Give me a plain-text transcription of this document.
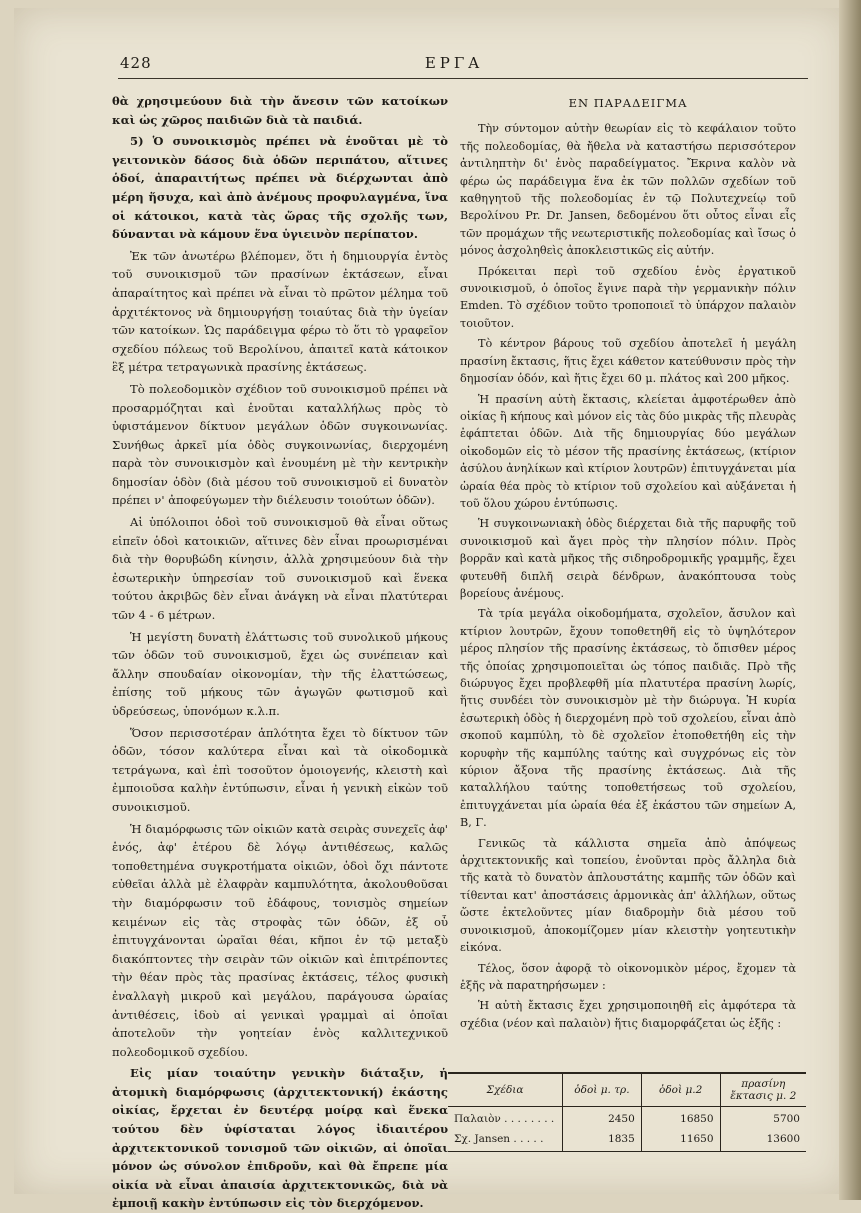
428	ΕΡΓΑ

θὰ χρησιμεύουν διὰ τὴν ἄνεσιν τῶν κατοίκων καὶ ὡς χῶρος παιδιῶν διὰ τὰ παιδιά.

5) Ὁ συνοικισμὸς πρέπει νὰ ἑνοῦται μὲ τὸ γειτονικὸν δάσος διὰ ὁδῶν περιπάτου, αἵτινες ὁδοί, ἀπαραιτήτως πρέπει νὰ διέρχωνται ἀπὸ μέρη ἥσυχα, καὶ ἀπὸ ἀνέμους προφυλαγμένα, ἵνα οἱ κάτοικοι, κατὰ τὰς ὥρας τῆς σχολῆς των, δύνανται νὰ κάμουν ἕνα ὑγιεινὸν περίπατον.

Ἐκ τῶν ἀνωτέρω βλέπομεν, ὅτι ἡ δημιουργία ἐντὸς τοῦ συνοικισμοῦ τῶν πρασίνων ἐκτάσεων, εἶναι ἀπαραίτητος καὶ πρέπει νὰ εἶναι τὸ πρῶτον μέλημα τοῦ ἀρχιτέκτονος νὰ δημιουργήσῃ τοιαύτας διὰ τὴν ὑγείαν τῶν κατοίκων. Ὡς παράδειγμα φέρω τὸ ὅτι τὸ γραφεῖον σχεδίου πόλεως τοῦ Βερολίνου, ἀπαιτεῖ κατὰ κάτοικον ἓξ μέτρα τετραγωνικὰ πρασίνης ἐκτάσεως.

Τὸ πολεοδομικὸν σχέδιον τοῦ συνοικισμοῦ πρέπει νὰ προσαρμόζηται καὶ ἑνοῦται καταλλήλως πρὸς τὸ ὑφιστάμενον δίκτυον μεγάλων ὁδῶν συγκοινωνίας. Συνήθως ἀρκεῖ μία ὁδὸς συγκοινωνίας, διερχομένη παρὰ τὸν συνοικισμὸν καὶ ἑνουμένη μὲ τὴν κεντρικὴν δημοσίαν ὁδὸν (διὰ μέσου τοῦ συνοικισμοῦ εἰ δυνατὸν πρέπει ν' ἀποφεύγωμεν τὴν διέλευσιν τοιούτων ὁδῶν).

Αἱ ὑπόλοιποι ὁδοὶ τοῦ συνοικισμοῦ θὰ εἶναι οὕτως εἰπεῖν ὁδοὶ κατοικιῶν, αἵτινες δὲν εἶναι προωρισμέναι διὰ τὴν θορυβώδη κίνησιν, ἀλλὰ χρησιμεύουν διὰ τὴν ἐσωτερικὴν ὑπηρεσίαν τοῦ συνοικισμοῦ καὶ ἕνεκα τούτου ἀκριβῶς δὲν εἶναι ἀνάγκη νὰ εἶναι πλατύτεραι τῶν 4 - 6 μέτρων.

Ἡ μεγίστη δυνατὴ ἐλάττωσις τοῦ συνολικοῦ μήκους τῶν ὁδῶν τοῦ συνοικισμοῦ, ἔχει ὡς συνέπειαν καὶ ἄλλην σπουδαίαν οἰκονομίαν, τὴν τῆς ἐλαττώσεως, ἐπίσης τοῦ μήκους τῶν ἀγωγῶν φωτισμοῦ καὶ ὑδρεύσεως, ὑπονόμων κ.λ.π.

Ὅσον περισσοτέραν ἁπλότητα ἔχει τὸ δίκτυον τῶν ὁδῶν, τόσον καλύτερα εἶναι καὶ τὰ οἰκοδομικὰ τετράγωνα, καὶ ἐπὶ τοσοῦτον ὁμοιογενής, κλειστὴ καὶ ἐμποιοῦσα καλὴν ἐντύπωσιν, εἶναι ἡ γενικὴ εἰκὼν τοῦ συνοικισμοῦ.

Ἡ διαμόρφωσις τῶν οἰκιῶν κατὰ σειρὰς συνεχεῖς ἀφ' ἑνός, ἀφ' ἑτέρου δὲ λόγῳ ἀντιθέσεως, καλῶς τοποθετημένα συγκροτήματα οἰκιῶν, ὁδοὶ ὄχι πάντοτε εὐθεῖαι ἀλλὰ μὲ ἐλαφρὰν καμπυλότητα, ἀκολουθοῦσαι τὴν διαμόρφωσιν τοῦ ἐδάφους, τονισμὸς σημείων κειμένων εἰς τὰς στροφὰς τῶν ὁδῶν, ἐξ οὗ ἐπιτυγχάνονται ὡραῖαι θέαι, κῆποι ἐν τῷ μεταξὺ διακόπτοντες τὴν σειρὰν τῶν οἰκιῶν καὶ ἐπιτρέποντες τὴν θέαν πρὸς τὰς πρασίνας ἐκτάσεις, τέλος φυσικὴ ἐναλλαγὴ μικροῦ καὶ μεγάλου, παράγουσα ὡραίας ἀντιθέσεις, ἰδοὺ αἱ γενικαὶ γραμμαὶ αἱ ὁποῖαι ἀποτελοῦν τὴν γοητείαν ἑνὸς καλλιτεχνικοῦ πολεοδομικοῦ σχεδίου.

Εἰς μίαν τοιαύτην γενικὴν διάταξιν, ἡ ἀτομικὴ διαμόρφωσις (ἀρχιτεκτονική) ἑκάστης οἰκίας, ἔρχεται ἐν δευτέρᾳ μοίρᾳ καὶ ἕνεκα τούτου δὲν ὑφίσταται λόγος ἰδιαιτέρου ἀρχιτεκτονικοῦ τονισμοῦ τῶν οἰκιῶν, αἱ ὁποῖαι μόνον ὡς σύνολον ἐπιδροῦν, καὶ θὰ ἔπρεπε μία οἰκία νὰ εἶναι ἀπαισία ἀρχιτεκτονικῶς, διὰ νὰ ἐμποιῇ κακὴν ἐντύπωσιν εἰς τὸν διερχόμενον.

ΕΝ ΠΑΡΑΔΕΙΓΜΑ

Τὴν σύντομον αὐτὴν θεωρίαν εἰς τὸ κεφάλαιον τοῦτο τῆς πολεοδομίας, θὰ ἤθελα νὰ καταστήσω περισσότερον ἀντιληπτὴν δι' ἑνὸς παραδείγματος. Ἔκρινα καλὸν νὰ φέρω ὡς παράδειγμα ἕνα ἐκ τῶν πολλῶν σχεδίων τοῦ καθηγητοῦ τῆς πολεοδομίας ἐν τῷ Πολυτεχνείῳ τοῦ Βερολίνου Pr. Dr. Jansen, δεδομένου ὅτι οὗτος εἶναι εἷς τῶν προμάχων τῆς νεωτεριστικῆς πολεοδομίας καὶ ἴσως ὁ μόνος ἀσχοληθεὶς ἀποκλειστικῶς εἰς αὐτήν.

Πρόκειται περὶ τοῦ σχεδίου ἑνὸς ἐργατικοῦ συνοικισμοῦ, ὁ ὁποῖος ἔγινε παρὰ τὴν γερμανικὴν πόλιν Emden. Τὸ σχέδιον τοῦτο τροποποιεῖ τὸ ὑπάρχον παλαιὸν τοιοῦτον.

Τὸ κέντρον βάρους τοῦ σχεδίου ἀποτελεῖ ἡ μεγάλη πρασίνη ἔκτασις, ἥτις ἔχει κάθετον κατεύθυνσιν πρὸς τὴν δημοσίαν ὁδόν, καὶ ἥτις ἔχει 60 μ. πλάτος καὶ 200 μῆκος.

Ἡ πρασίνη αὐτὴ ἔκτασις, κλείεται ἀμφοτέρωθεν ἀπὸ οἰκίας ἢ κήπους καὶ μόνον εἰς τὰς δύο μικρὰς τῆς πλευρὰς ἐφάπτεται ὁδῶν. Διὰ τῆς δημιουργίας δύο μεγάλων οἰκοδομῶν εἰς τὸ μέσον τῆς πρασίνης ἐκτάσεως, (κτίριον ἀσύλου ἀνηλίκων καὶ κτίριον λουτρῶν) ἐπιτυγχάνεται μία ὡραία θέα πρὸς τὸ κτίριον τοῦ σχολείου καὶ αὐξάνεται ἡ τοῦ ὅλου χώρου ἐντύπωσις.

Ἡ συγκοινωνιακὴ ὁδὸς διέρχεται διὰ τῆς παρυφῆς τοῦ συνοικισμοῦ καὶ ἄγει πρὸς τὴν πλησίον πόλιν. Πρὸς βορρᾶν καὶ κατὰ μῆκος τῆς σιδηροδρομικῆς γραμμῆς, ἔχει φυτευθῆ διπλῆ σειρὰ δένδρων, ἀνακόπτουσα τοὺς βορείους ἀνέμους.

Τὰ τρία μεγάλα οἰκοδομήματα, σχολεῖον, ἄσυλον καὶ κτίριον λουτρῶν, ἔχουν τοποθετηθῆ εἰς τὸ ὑψηλότερον μέρος πλησίον τῆς πρασίνης ἐκτάσεως, τὸ ὄπισθεν μέρος τῆς ὁποίας χρησιμοποιεῖται ὡς τόπος παιδιᾶς. Πρὸ τῆς διώρυγος ἔχει προβλεφθῆ μία πλατυτέρα πρασίνη λωρίς, ἥτις συνδέει τὸν συνοικισμὸν μὲ τὴν διώρυγα. Ἡ κυρία ἐσωτερικὴ ὁδὸς ἡ διερχομένη πρὸ τοῦ σχολείου, εἶναι ἀπὸ σκοποῦ καμπύλη, τὸ δὲ σχολεῖον ἐτοποθετήθη εἰς τὴν κορυφὴν τῆς καμπύλης ταύτης καὶ συγχρόνως εἰς τὸν κύριον ἄξονα τῆς πρασίνης ἐκτάσεως. Διὰ τῆς καταλλήλου ταύτης τοποθετήσεως τοῦ σχολείου, ἐπιτυγχάνεται μία ὡραία θέα ἐξ ἑκάστου τῶν σημείων Α, Β, Γ.

Γενικῶς τὰ κάλλιστα σημεῖα ἀπὸ ἀπόψεως ἀρχιτεκτονικῆς καὶ τοπείου, ἑνοῦνται πρὸς ἄλληλα διὰ τῆς κατὰ τὸ δυνατὸν ἁπλουστάτης καμπῆς τῶν ὁδῶν καὶ τίθενται κατ' ἀποστάσεις ἁρμονικὰς ἀπ' ἀλλήλων, οὕτως ὥστε ἐκτελοῦντες μίαν διαδρομὴν διὰ μέσου τοῦ συνοικισμοῦ, ἀποκομίζομεν μίαν κλειστὴν γοητευτικὴν εἰκόνα.

Τέλος, ὅσον ἀφορᾷ τὸ οἰκονομικὸν μέρος, ἔχομεν τὰ ἑξῆς νὰ παρατηρήσωμεν :

Ἡ αὐτὴ ἔκτασις ἔχει χρησιμοποιηθῆ εἰς ἀμφότερα τὰ σχέδια (νέον καὶ παλαιὸν) ἥτις διαμορφάζεται ὡς ἑξῆς :

Σχέδια	ὁδοὶ μ. τρ.	ὁδοὶ μ.2	πρασίνη ἔκτασις μ. 2
Παλαιὸν . . . . . . . .	2450	16850	5700
Σχ. Jansen . . . . .	1835	11650	13600
